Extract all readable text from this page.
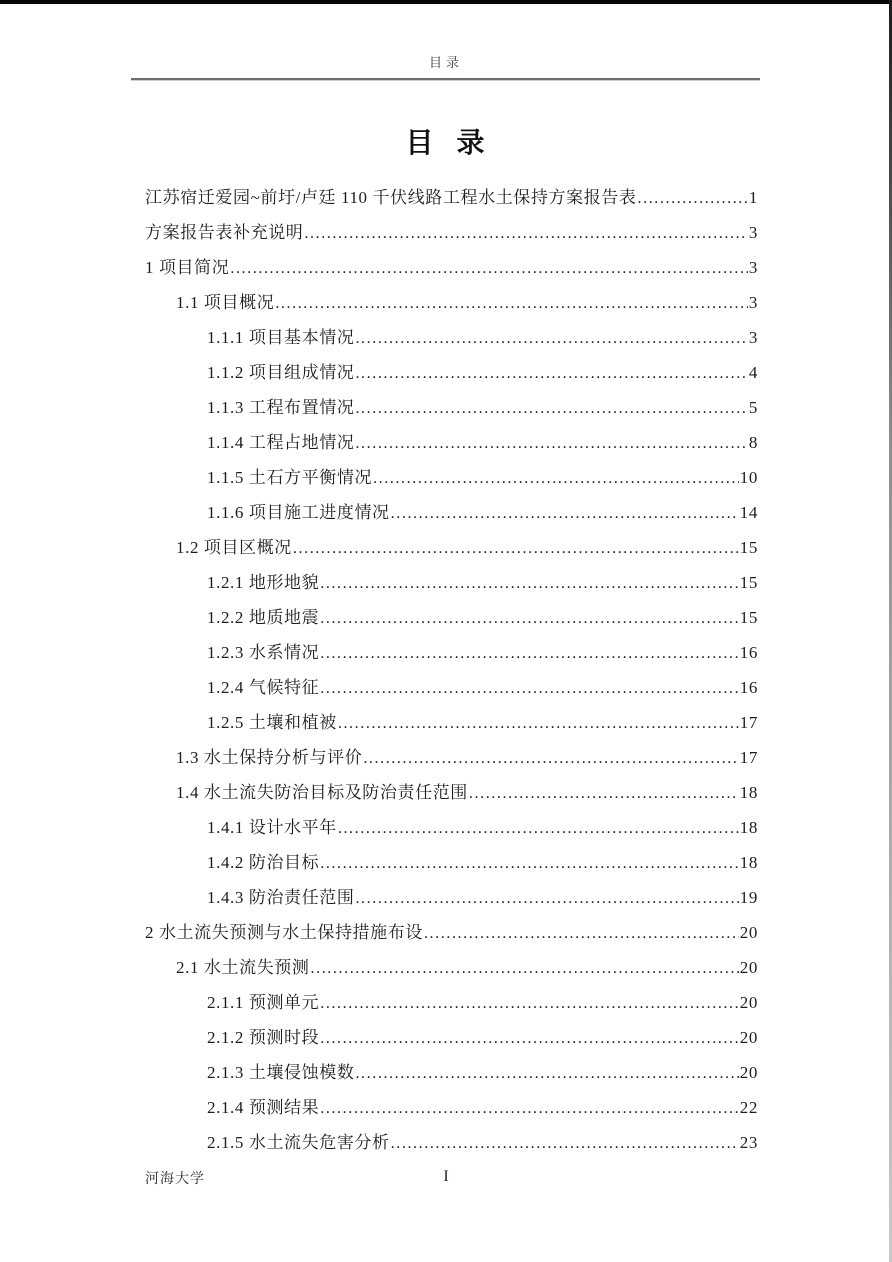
目录
目 录
江苏宿迁爱园~前圩/卢廷 110 千伏线路工程水土保持方案报告表 .....	1
方案报告表补充说明 .....	3
1 项目简况 .....	3
1.1 项目概况 .....	3
1.1.1 项目基本情况 .....	3
1.1.2 项目组成情况 .....	4
1.1.3 工程布置情况 .....	5
1.1.4 工程占地情况 .....	8
1.1.5 土石方平衡情况 .....	10
1.1.6 项目施工进度情况 .....	14
1.2 项目区概况 .....	15
1.2.1 地形地貌 .....	15
1.2.2 地质地震 .....	15
1.2.3 水系情况 .....	16
1.2.4 气候特征 .....	16
1.2.5 土壤和植被 .....	17
1.3 水土保持分析与评价 .....	17
1.4 水土流失防治目标及防治责任范围 .....	18
1.4.1 设计水平年 .....	18
1.4.2 防治目标 .....	18
1.4.3 防治责任范围 .....	19
2 水土流失预测与水土保持措施布设 .....	20
2.1 水土流失预测 .....	20
2.1.1 预测单元 .....	20
2.1.2 预测时段 .....	20
2.1.3 土壤侵蚀模数 .....	20
2.1.4 预测结果 .....	22
2.1.5 水土流失危害分析 .....	23
河海大学	I
